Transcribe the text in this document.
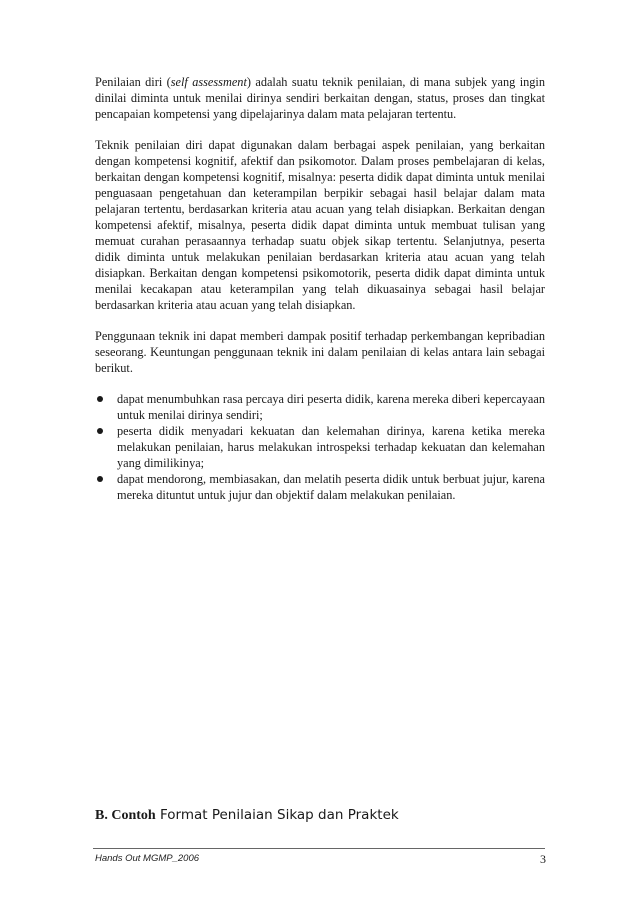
Penilaian diri (self assessment) adalah suatu teknik penilaian, di mana subjek yang ingin dinilai diminta untuk menilai dirinya sendiri berkaitan dengan, status, proses dan tingkat pencapaian kompetensi yang dipelajarinya dalam mata pelajaran tertentu.

Teknik penilaian diri dapat digunakan dalam berbagai aspek penilaian, yang berkaitan dengan kompetensi kognitif, afektif dan psikomotor. Dalam proses pembelajaran di kelas, berkaitan dengan kompetensi kognitif, misalnya: peserta didik dapat diminta untuk menilai penguasaan pengetahuan dan keterampilan berpikir sebagai hasil belajar dalam mata pelajaran tertentu, berdasarkan kriteria atau acuan yang telah disiapkan. Berkaitan dengan kompetensi afektif, misalnya, peserta didik dapat diminta untuk membuat tulisan yang memuat curahan perasaannya terhadap suatu objek sikap tertentu. Selanjutnya, peserta didik diminta untuk melakukan penilaian berdasarkan kriteria atau acuan yang telah disiapkan. Berkaitan dengan kompetensi psikomotorik, peserta didik dapat diminta untuk menilai kecakapan atau keterampilan yang telah dikuasainya sebagai hasil belajar berdasarkan kriteria atau acuan yang telah disiapkan.

Penggunaan teknik ini dapat memberi dampak positif terhadap perkembangan kepribadian seseorang. Keuntungan penggunaan teknik ini dalam penilaian di kelas antara lain sebagai berikut.

dapat menumbuhkan rasa percaya diri peserta didik, karena mereka diberi kepercayaan untuk menilai dirinya sendiri;
peserta didik menyadari kekuatan dan kelemahan dirinya, karena ketika mereka melakukan penilaian, harus melakukan introspeksi terhadap kekuatan dan kelemahan yang dimilikinya;
dapat mendorong, membiasakan, dan melatih peserta didik untuk berbuat jujur, karena mereka dituntut untuk jujur dan objektif dalam melakukan penilaian.
B. Contoh Format Penilaian Sikap dan Praktek
Hands Out MGMP_2006	3
